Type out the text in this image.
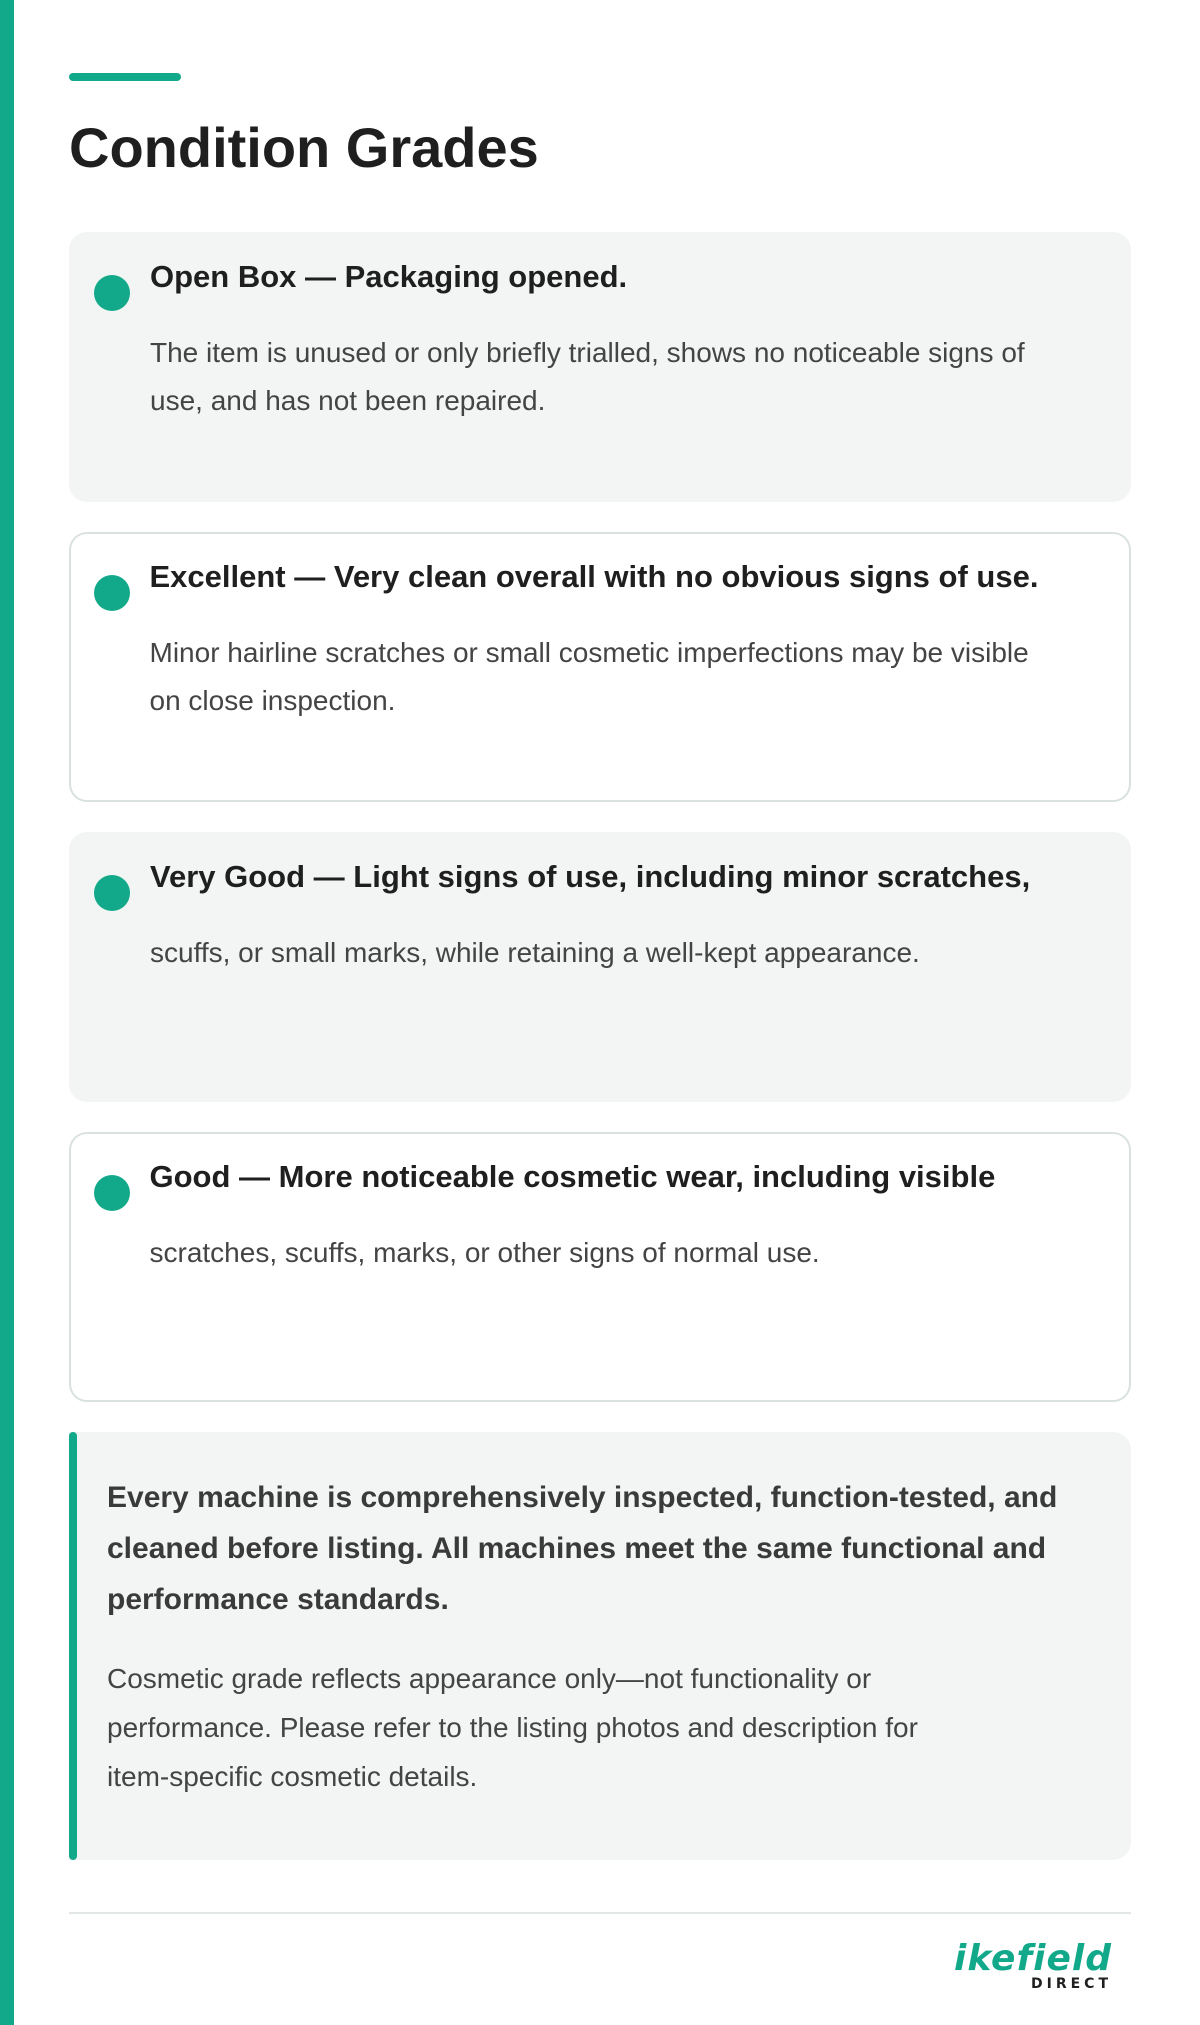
Condition Grades
Open Box — Packaging opened.
The item is unused or only briefly trialled, shows no noticeable signs of use, and has not been repaired.
Excellent — Very clean overall with no obvious signs of use.
Minor hairline scratches or small cosmetic imperfections may be visible on close inspection.
Very Good — Light signs of use, including minor scratches,
scuffs, or small marks, while retaining a well-kept appearance.
Good — More noticeable cosmetic wear, including visible
scratches, scuffs, marks, or other signs of normal use.
Every machine is comprehensively inspected, function-tested, and cleaned before listing. All machines meet the same functional and performance standards.
Cosmetic grade reflects appearance only—not functionality or performance. Please refer to the listing photos and description for item-specific cosmetic details.
ikefield
DIRECT
